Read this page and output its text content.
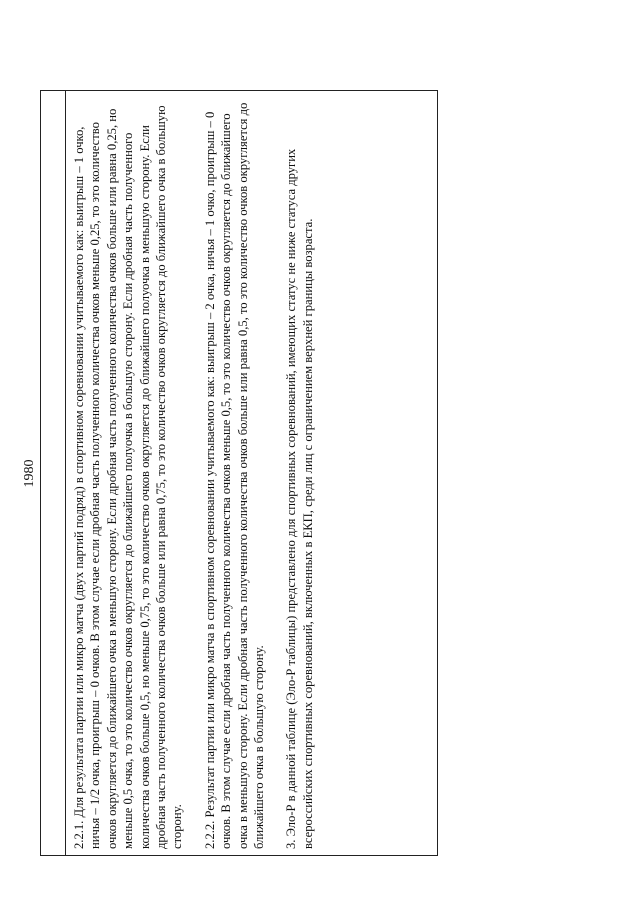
1980	2.2.1. Для результата партии или микро матча (двух партий подряд) в спортивном соревновании учитываемого как: выигрыш – 1 очко, ничья – 1/2 очка, проигрыш – 0 очков. В этом случае если дробная часть полученного количества очков меньше 0,25, то это количество очков округляется до ближайшего очка в меньшую сторону. Если дробная часть полученного количества очков больше или равна 0,25, но меньше 0,5 очка, то это количество очков округляется до ближайшего полуочка в большую сторону. Если дробная часть полученного количества очков больше 0,5, но меньше 0,75, то это количество очков округляется до ближайшего полуочка в меньшую сторону. Если дробная часть полученного количества очков больше или равна 0,75, то это количество очков округляется до ближайшего очка в большую сторону. 2.2.2. Результат партии или микро матча в спортивном соревновании учитываемого как: выигрыш – 2 очка, ничья – 1 очко, проигрыш – 0 очков. В этом случае если дробная часть полученного количества очков меньше 0,5, то это количество очков округляется до ближайшего очка в меньшую сторону. Если дробная часть полученного количества очков больше или равна 0,5, то это количество очков округляется до ближайшего очка в большую сторону. 3. Эло-Р в данной таблице (Эло-Р таблицы) представлено для спортивных соревнований, имеющих статус не ниже статуса других всероссийских спортивных соревнований, включенных в ЕКП, среди лиц с ограничением верхней границы возраста.
